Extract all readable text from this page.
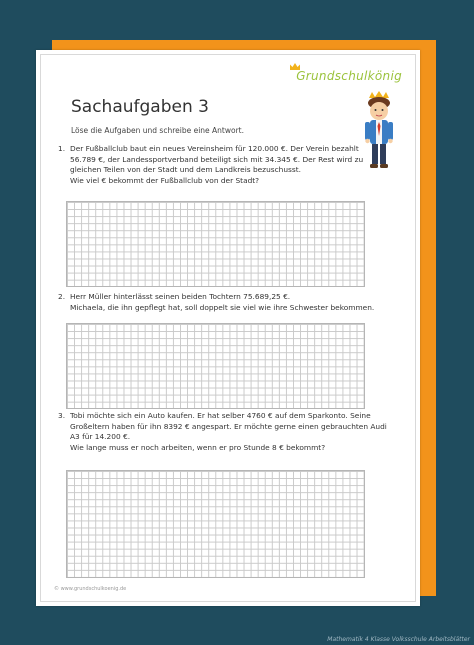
Grundschulkönig
Sachaufgaben 3
Löse die Aufgaben und schreibe eine Antwort.
1. Der Fußballclub baut ein neues Vereinsheim für 120.000 €. Der Verein bezahlt
56.789 €, der Landessportverband beteiligt sich mit 34.345 €. Der Rest wird zu
gleichen Teilen von der Stadt und dem Landkreis bezuschusst.
Wie viel € bekommt der Fußballclub von der Stadt?
2. Herr Müller hinterlässt seinen beiden Tochtern 75.689,25 €.
Michaela, die ihn gepflegt hat, soll doppelt sie viel wie ihre Schwester bekommen.
3. Tobi möchte sich ein Auto kaufen. Er hat selber 4760 € auf dem Sparkonto. Seine
Großeltern haben für ihn 8392 € angespart. Er möchte gerne einen gebrauchten Audi
A3 für 14.200 €.
Wie lange muss er noch arbeiten, wenn er pro Stunde 8 € bekommt?
© www.grundschulkoenig.de
Mathematik 4 Klasse Volksschule Arbeitsblätter
